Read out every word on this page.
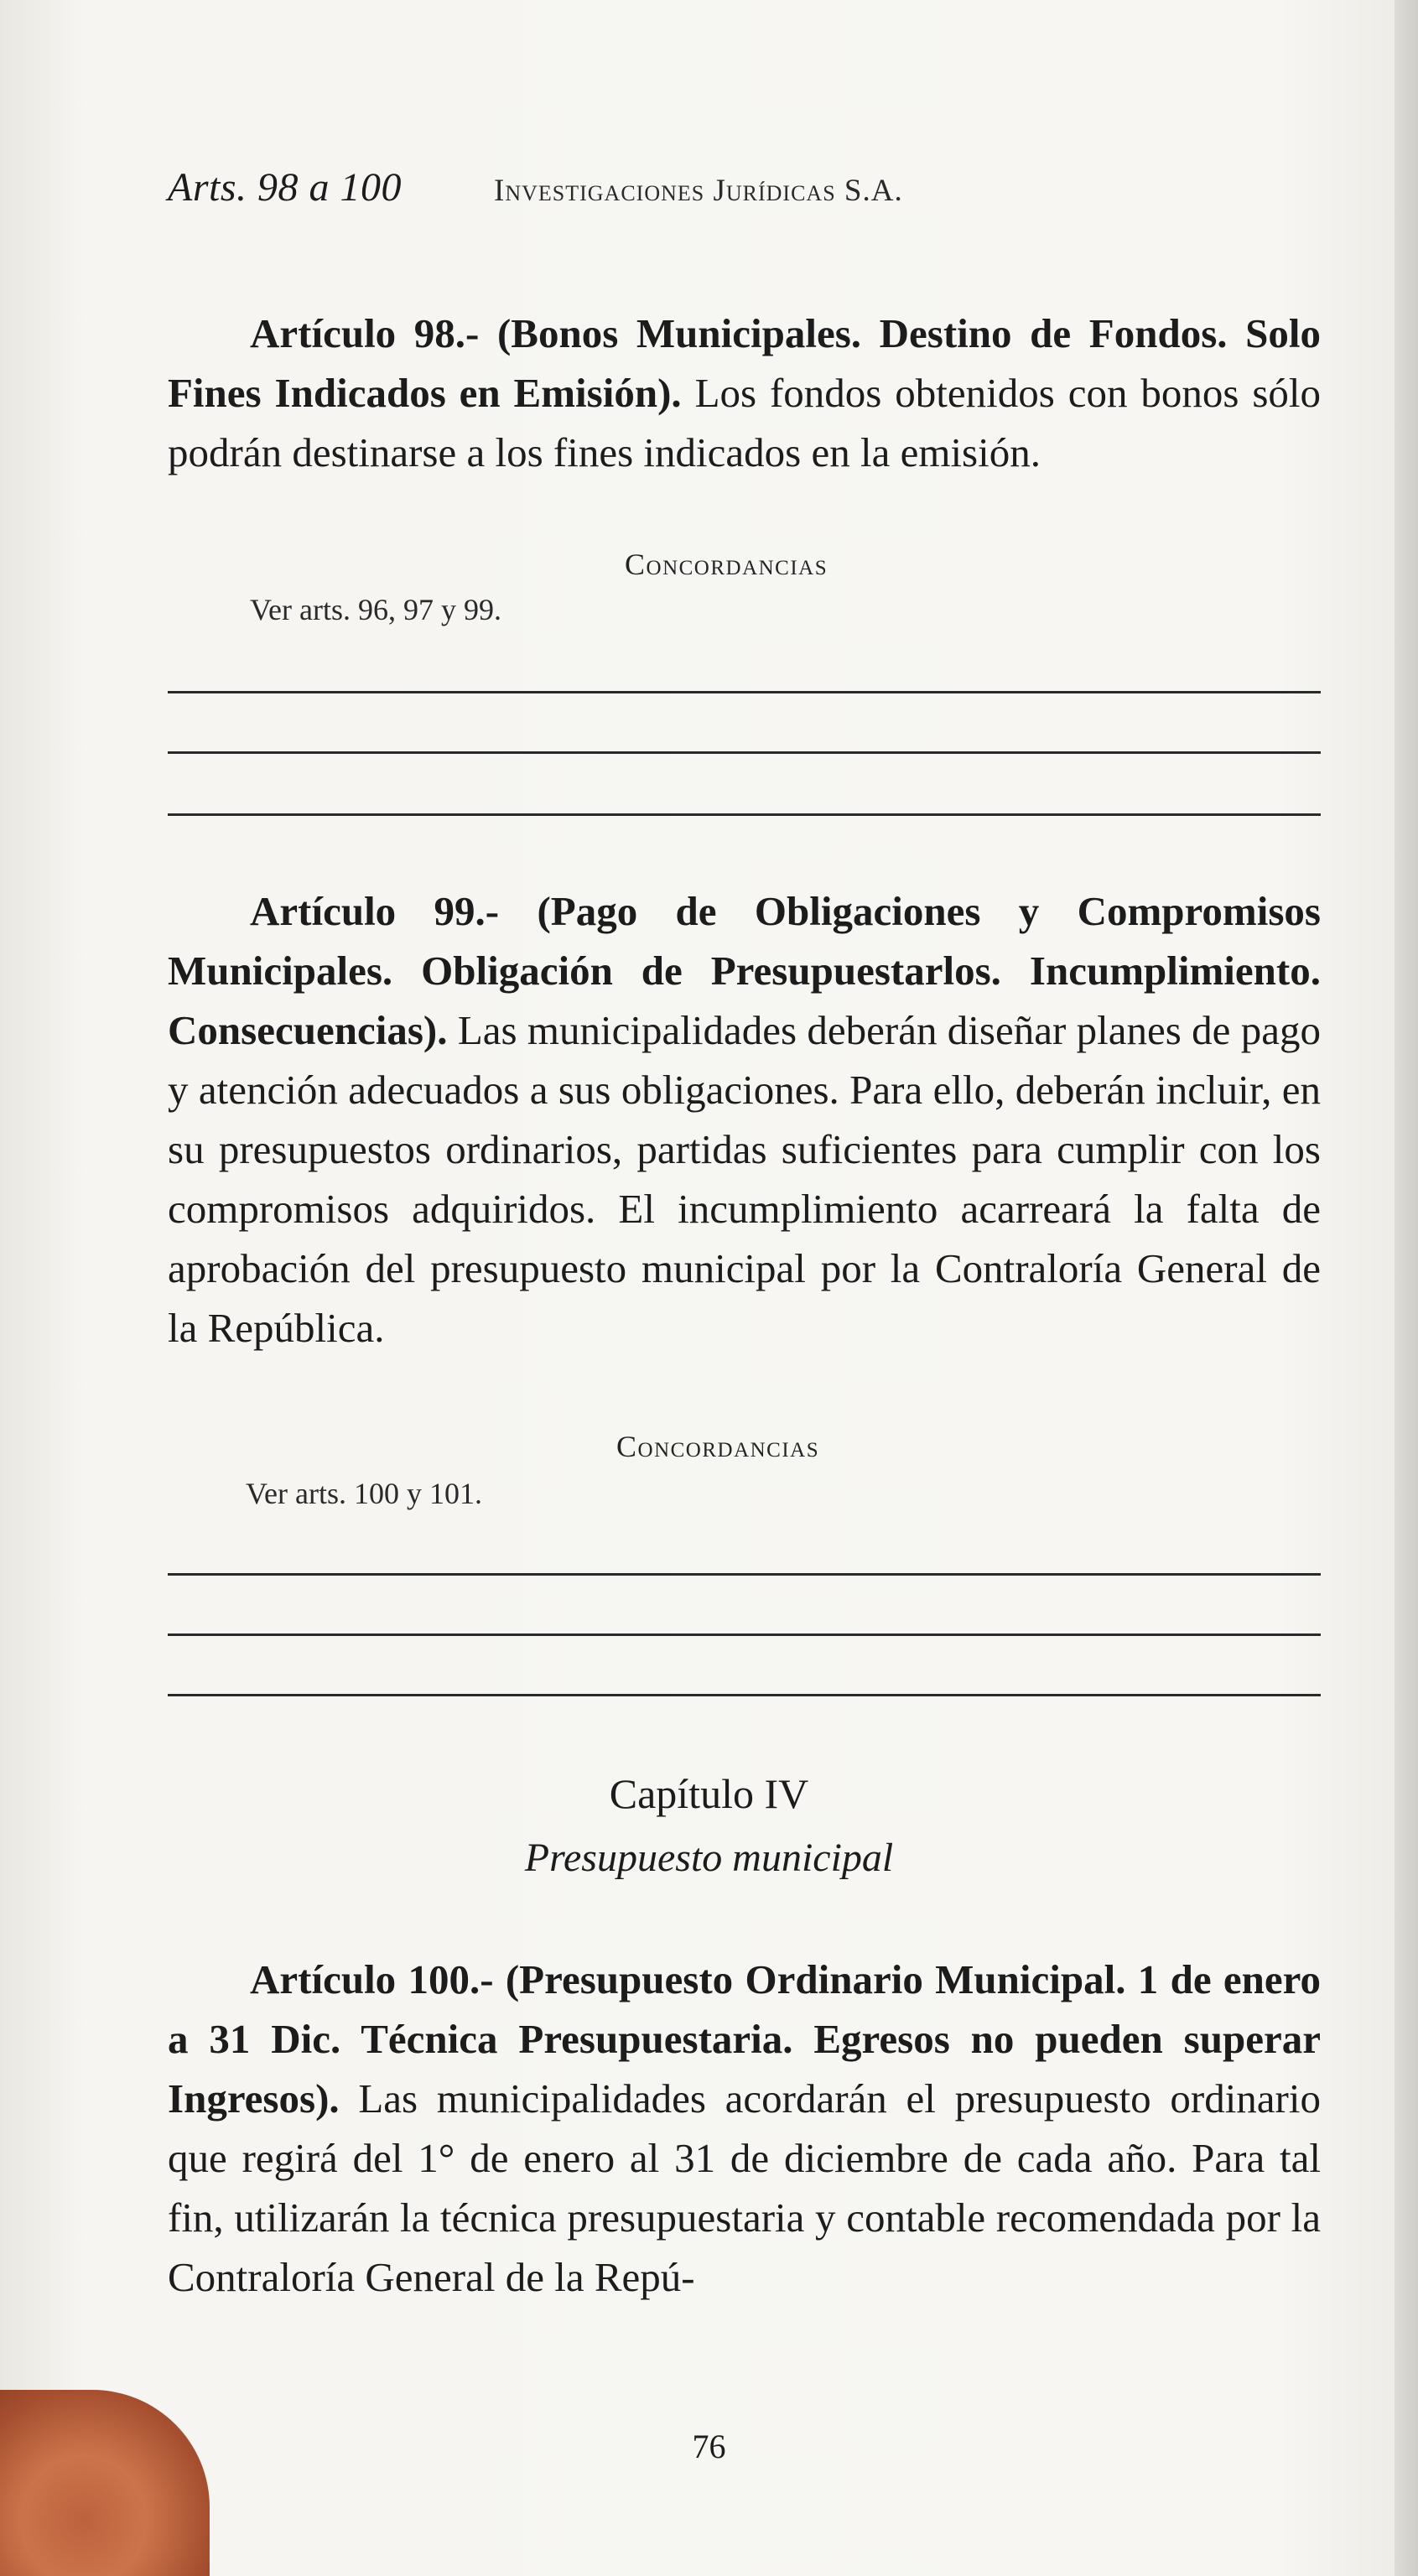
Arts. 98 a 100	Investigaciones Jurídicas S.A.

Artículo 98.- (Bonos Municipales. Destino de Fondos. Solo Fines Indicados en Emisión). Los fondos obtenidos con bonos sólo podrán destinarse a los fines indicados en la emisión.

Concordancias
Ver arts. 96, 97 y 99.

Artículo 99.- (Pago de Obligaciones y Compromisos Municipales. Obligación de Presupuestarlos. Incumplimiento. Consecuencias). Las municipalidades deberán diseñar planes de pago y atención adecuados a sus obligaciones. Para ello, deberán incluir, en su presupuestos ordinarios, partidas suficientes para cumplir con los compromisos adquiridos. El incumplimiento acarreará la falta de aprobación del presupuesto municipal por la Contraloría General de la República.

Concordancias
Ver arts. 100 y 101.
Capítulo IV
Presupuesto municipal

Artículo 100.- (Presupuesto Ordinario Municipal. 1 de enero a 31 Dic. Técnica Presupuestaria. Egresos no pueden superar Ingresos). Las municipalidades acordarán el presupuesto ordinario que regirá del 1° de enero al 31 de diciembre de cada año. Para tal fin, utilizarán la técnica presupuestaria y contable recomendada por la Contraloría General de la Repú-

76
